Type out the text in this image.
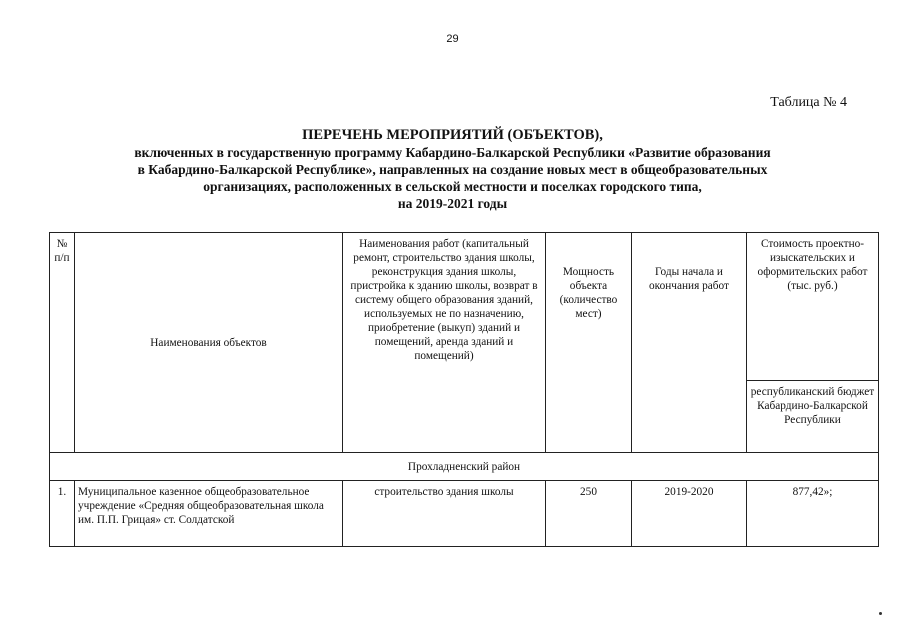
29
Таблица № 4
ПЕРЕЧЕНЬ МЕРОПРИЯТИЙ (ОБЪЕКТОВ),
включенных в государственную программу Кабардино-Балкарской Республики «Развитие образования
в Кабардино-Балкарской Республике», направленных на создание новых мест в общеобразовательных
организациях, расположенных в сельской местности и поселках городского типа,
на 2019-2021 годы
№ п/п	Наименования объектов	Наименования работ (капитальный ремонт, строительство здания школы, реконструкция здания школы, пристройка к зданию школы, возврат в систему общего образования зданий, используемых не по назначению, приобретение (выкуп) зданий и помещений, аренда зданий и помещений)	Мощность объекта (количество мест)	Годы начала и окончания работ	Стоимость проектно-изыскательских и оформительских работ (тыс. руб.)
					республиканский бюджет Кабардино-Балкарской Республики
Прохладненский район					
1.	Муниципальное казенное общеобразовательное учреждение «Средняя общеобразовательная школа им. П.П. Грицая» ст. Солдатской	строительство здания школы	250	2019-2020	877,42»;
